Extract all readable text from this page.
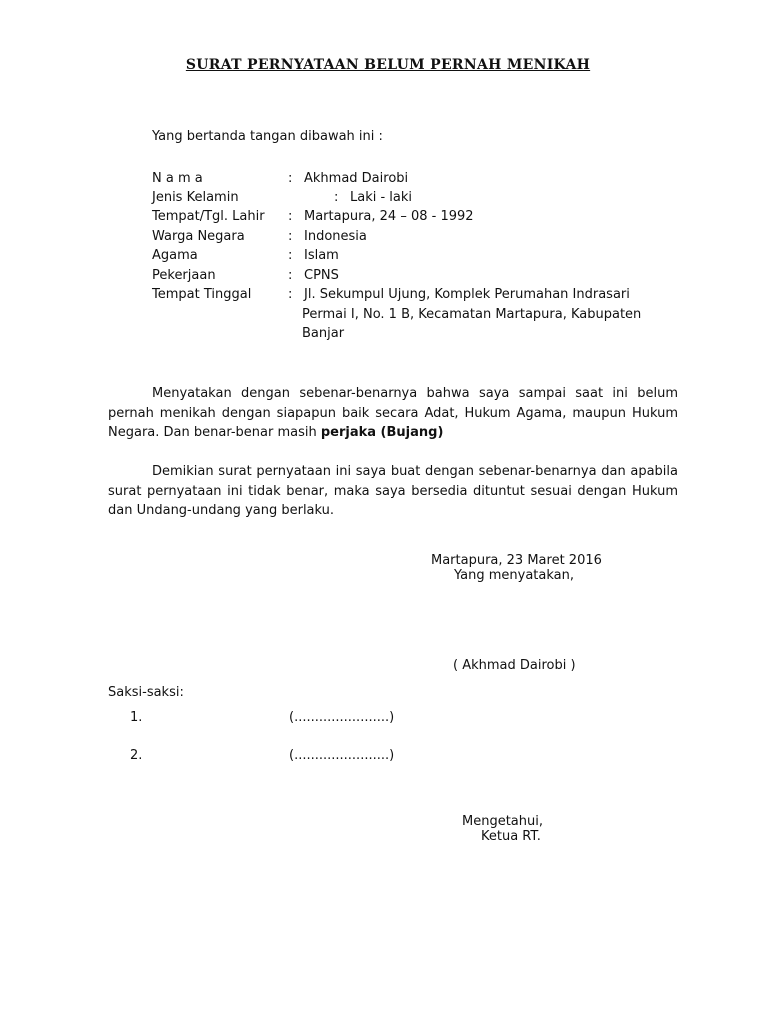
SURAT PERNYATAAN BELUM PERNAH MENIKAH
Yang bertanda tangan dibawah ini :
N a m a	: Akhmad Dairobi
Jenis Kelamin	: Laki - laki
Tempat/Tgl. Lahir : Martapura, 24 – 08 - 1992
Warga Negara	: Indonesia
Agama	: Islam
Pekerjaan	: CPNS
Tempat Tinggal	: Jl. Sekumpul Ujung, Komplek Perumahan Indrasari
Permai I, No. 1 B, Kecamatan Martapura, Kabupaten
Banjar
Menyatakan dengan sebenar-benarnya bahwa saya sampai saat ini belum pernah menikah dengan siapapun baik secara Adat, Hukum Agama, maupun Hukum Negara. Dan benar-benar masih perjaka (Bujang)
Demikian surat pernyataan ini saya buat dengan sebenar-benarnya dan apabila surat pernyataan ini tidak benar, maka saya bersedia dituntut sesuai dengan Hukum dan Undang-undang yang berlaku.
Martapura, 23 Maret 2016
Yang menyatakan,
( Akhmad Dairobi )
Saksi-saksi:
1.	(.......................)
2.	(.......................)
Mengetahui,
Ketua RT.
